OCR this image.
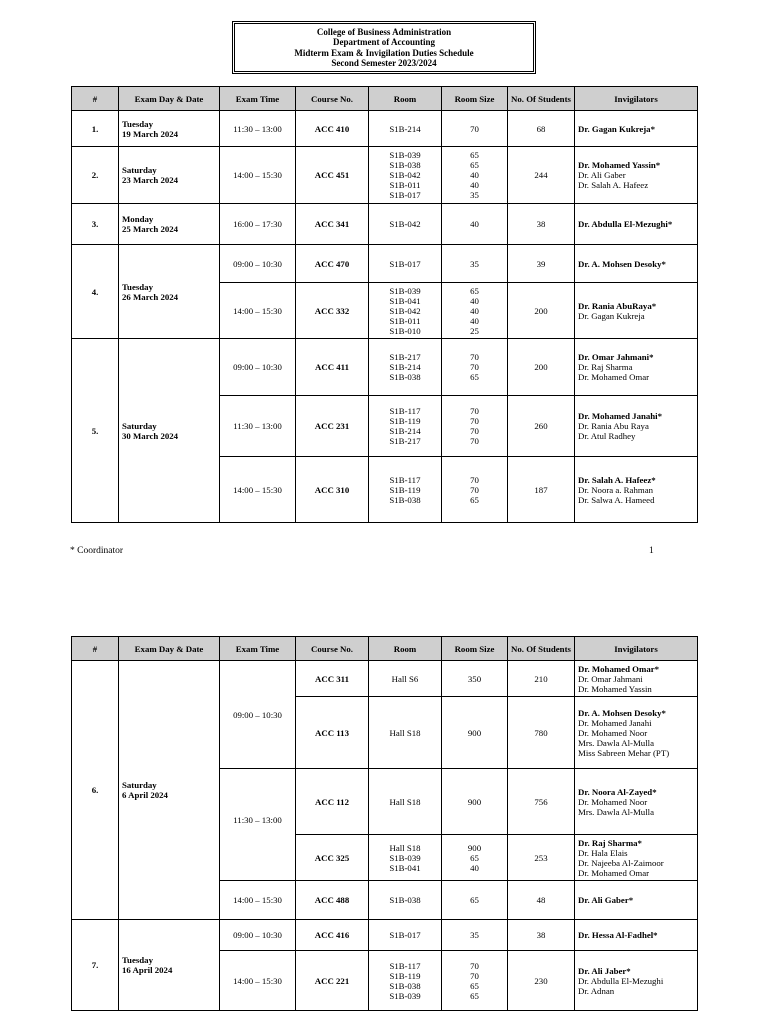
College of Business Administration
Department of Accounting
Midterm Exam & Invigilation Duties Schedule
Second Semester 2023/2024
#	Exam Day & Date	Exam Time	Course No.	Room	Room Size	No. Of Students	Invigilators
1.	Tuesday
19 March 2024	11:30 – 13:00	ACC 410	S1B-214	70	68	Dr. Gagan Kukreja*

2.	Saturday
23 March 2024	14:00 – 15:30	ACC 451	S1B-039
S1B-038
S1B-042
S1B-011
S1B-017	65
65
40
40
35	244	Dr. Mohamed Yassin*
Dr. Ali Gaber
Dr. Salah A. Hafeez

3.	Monday
25 March 2024	16:00 – 17:30	ACC 341	S1B-042	40	38	Dr. Abdulla El-Mezughi*

4.	Tuesday
26 March 2024	09:00 – 10:30	ACC 470	S1B-017	35	39	Dr. A. Mohsen Desoky*

		14:00 – 15:30	ACC 332	S1B-039
S1B-041
S1B-042
S1B-011
S1B-010	65
40
40
40
25	200	Dr. Rania AbuRaya*
Dr. Gagan Kukreja

5.	Saturday
30 March 2024	09:00 – 10:30	ACC 411	S1B-217
S1B-214
S1B-038	70
70
65	200	Dr. Omar Jahmani*
Dr. Raj Sharma
Dr. Mohamed Omar

		11:30 – 13:00	ACC 231	S1B-117
S1B-119
S1B-214
S1B-217	70
70
70
70	260	Dr. Mohamed Janahi*
Dr. Rania Abu Raya
Dr. Atul Radhey

		14:00 – 15:30	ACC 310	S1B-117
S1B-119
S1B-038	70
70
65	187	Dr. Salah A. Hafeez*
Dr. Noora a. Rahman
Dr. Salwa A. Hameed
* Coordinator	1
#	Exam Day & Date	Exam Time	Course No.	Room	Room Size	No. Of Students	Invigilators
6.	Saturday
6 April 2024	09:00 – 10:30	ACC 311	Hall S6	350	210	Dr. Mohamed Omar*
Dr. Omar Jahmani
Dr. Mohamed Yassin

			ACC 113	Hall S18	900	780	Dr. A. Mohsen Desoky*
Dr. Mohamed Janahi
Dr. Mohamed Noor
Mrs. Dawla Al-Mulla
Miss Sabreen Mehar (PT)

		11:30 – 13:00	ACC 112	Hall S18	900	756	Dr. Noora Al-Zayed*
Dr. Mohamed Noor
Mrs. Dawla Al-Mulla

			ACC 325	Hall S18
S1B-039
S1B-041	900
65
40	253	Dr. Raj Sharma*
Dr. Hala Elais
Dr. Najeeba Al-Zaimoor
Dr. Mohamed Omar

		14:00 – 15:30	ACC 488	S1B-038	65	48	Dr. Ali Gaber*

7.	Tuesday
16 April 2024	09:00 – 10:30	ACC 416	S1B-017	35	38	Dr. Hessa Al-Fadhel*

		14:00 – 15:30	ACC 221	S1B-117
S1B-119
S1B-038
S1B-039	70
70
65
65	230	Dr. Ali Jaber*
Dr. Abdulla El-Mezughi
Dr. Adnan
